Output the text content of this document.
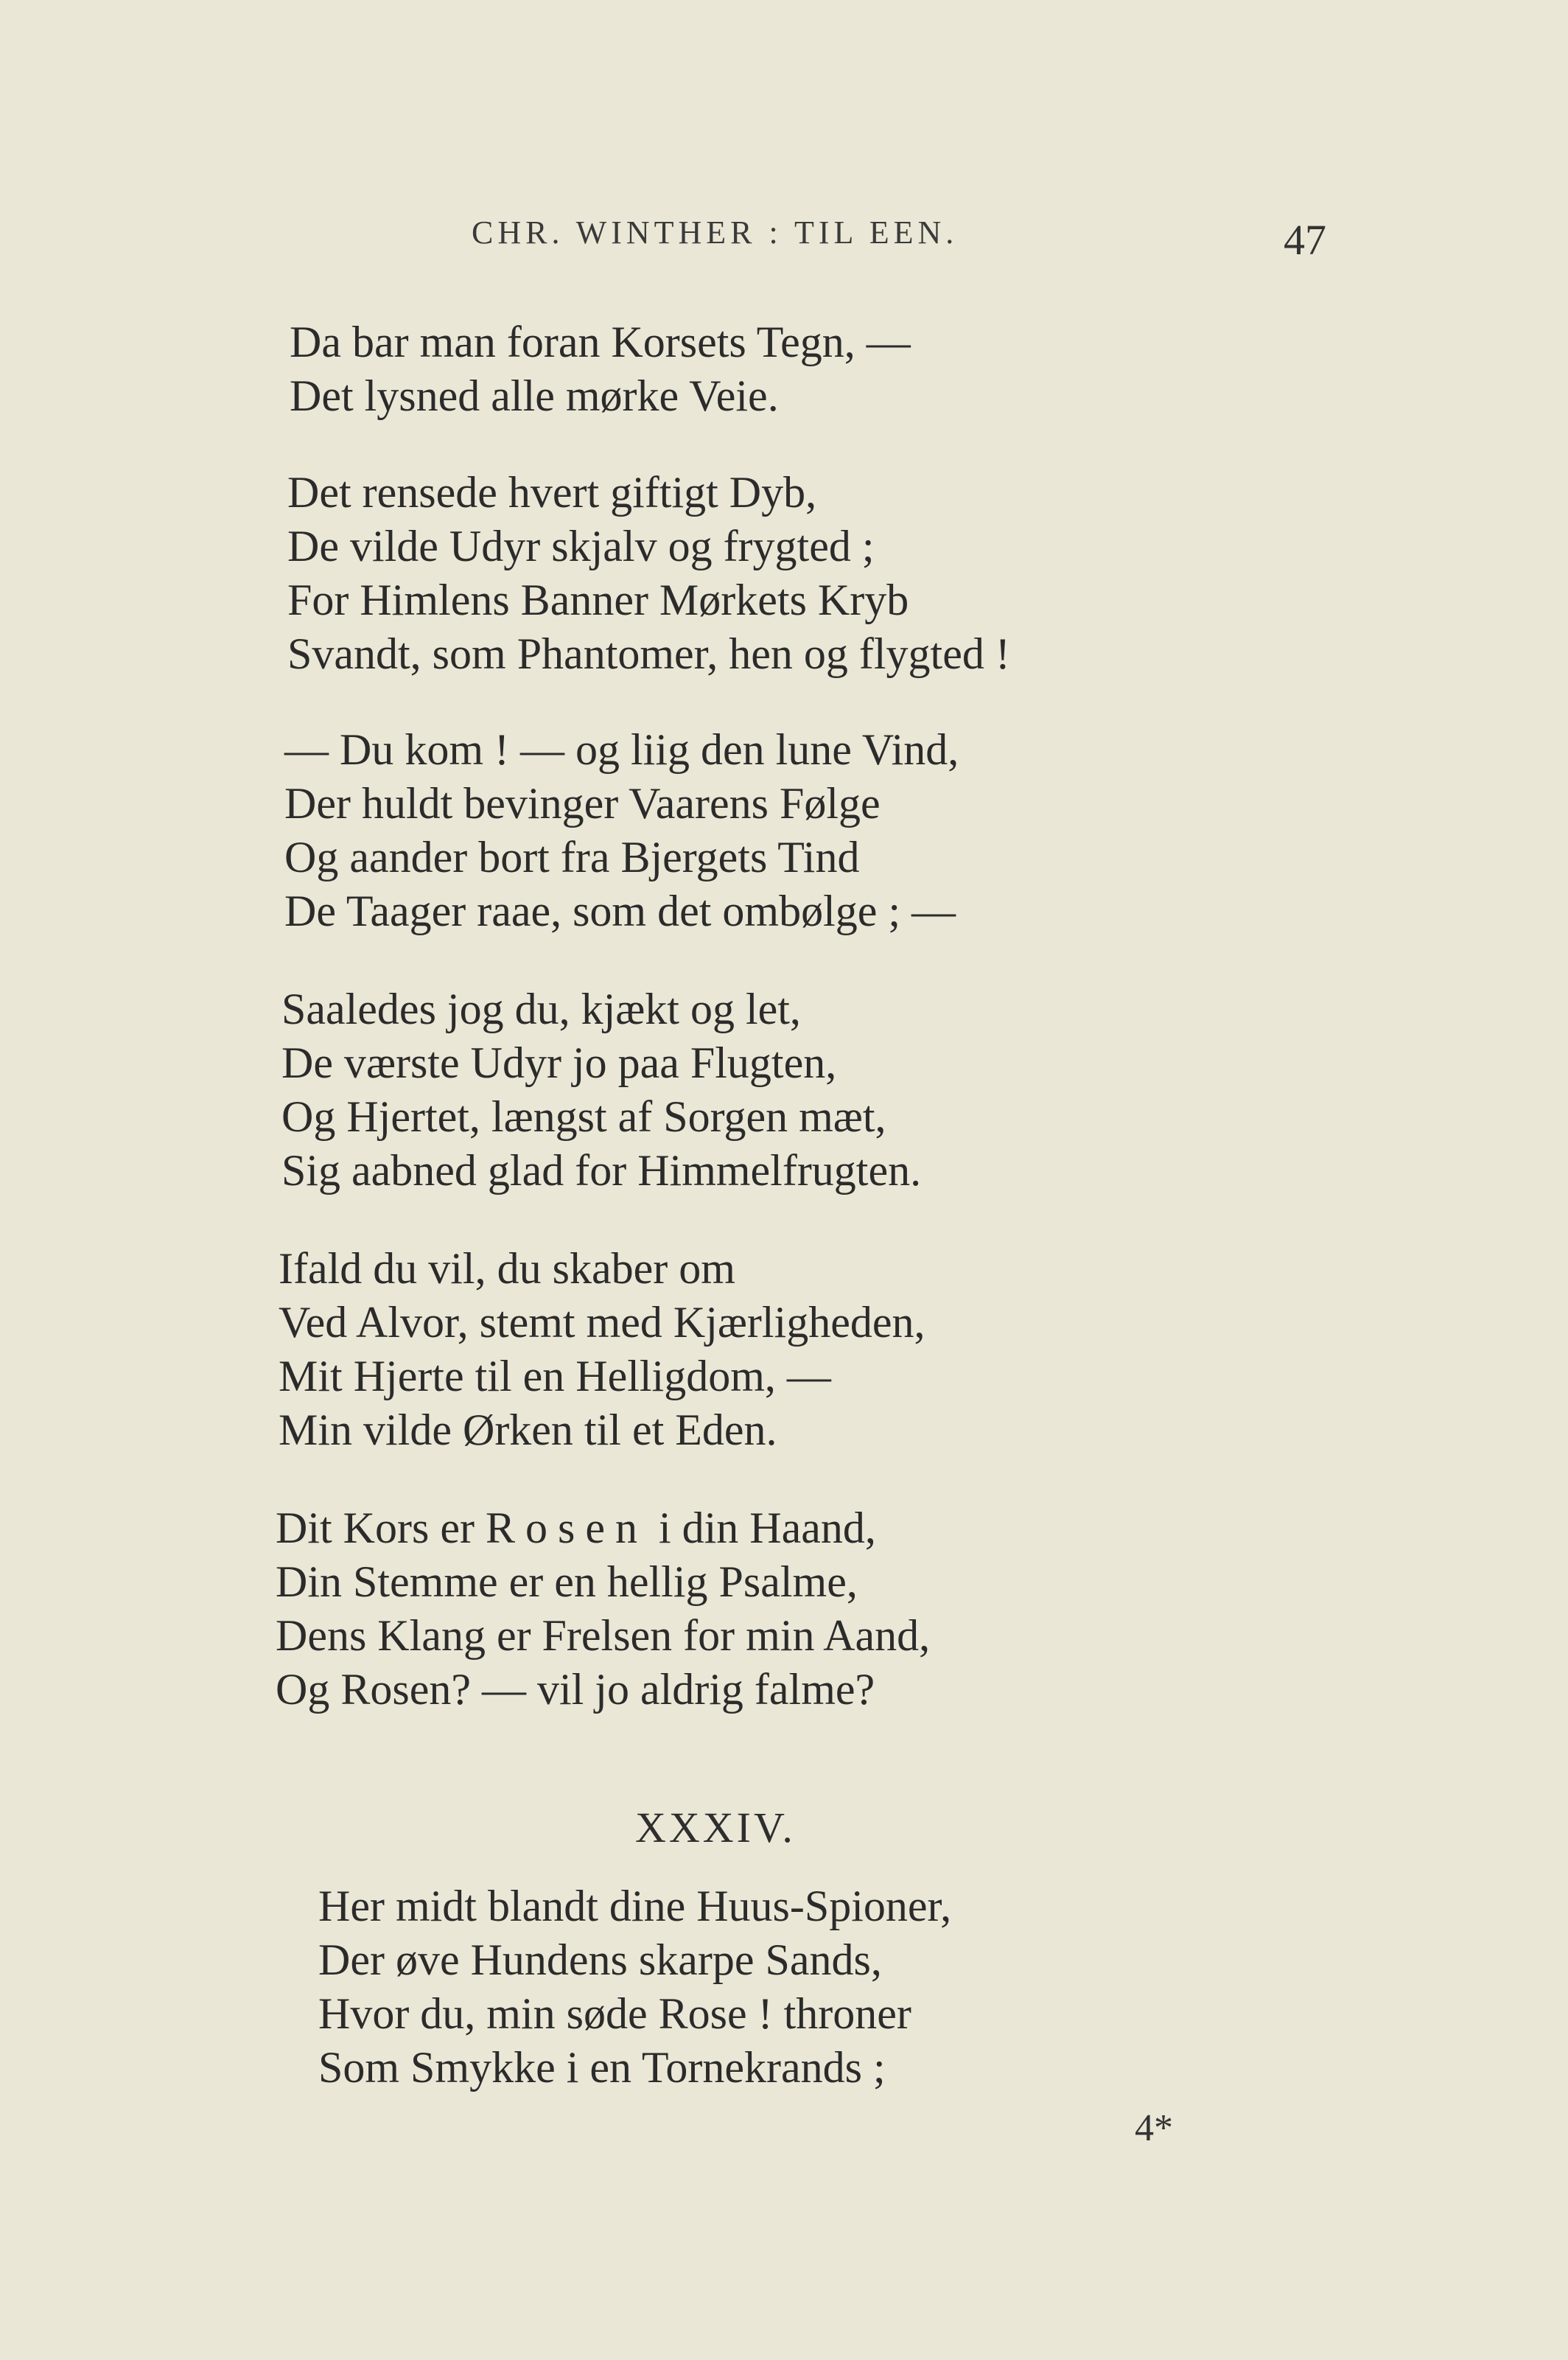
CHR. WINTHER : TIL EEN.	47
Da bar man foran Korsets Tegn, —
Det lysned alle mørke Veie.
Det rensede hvert giftigt Dyb,
De vilde Udyr skjalv og frygted ;
For Himlens Banner Mørkets Kryb
Svandt, som Phantomer, hen og flygted !
— Du kom ! — og liig den lune Vind,
Der huldt bevinger Vaarens Følge
Og aander bort fra Bjergets Tind
De Taager raae, som det ombølge ; —
Saaledes jog du, kjækt og let,
De værste Udyr jo paa Flugten,
Og Hjertet, længst af Sorgen mæt,
Sig aabned glad for Himmelfrugten.
Ifald du vil, du skaber om
Ved Alvor, stemt med Kjærligheden,
Mit Hjerte til en Helligdom, —
Min vilde Ørken til et Eden.
Dit Kors er Rosen i din Haand,
Din Stemme er en hellig Psalme,
Dens Klang er Frelsen for min Aand,
Og Rosen? — vil jo aldrig falme?
XXXIV.
Her midt blandt dine Huus-Spioner,
Der øve Hundens skarpe Sands,
Hvor du, min søde Rose ! throner
Som Smykke i en Tornekrands ;
4*
